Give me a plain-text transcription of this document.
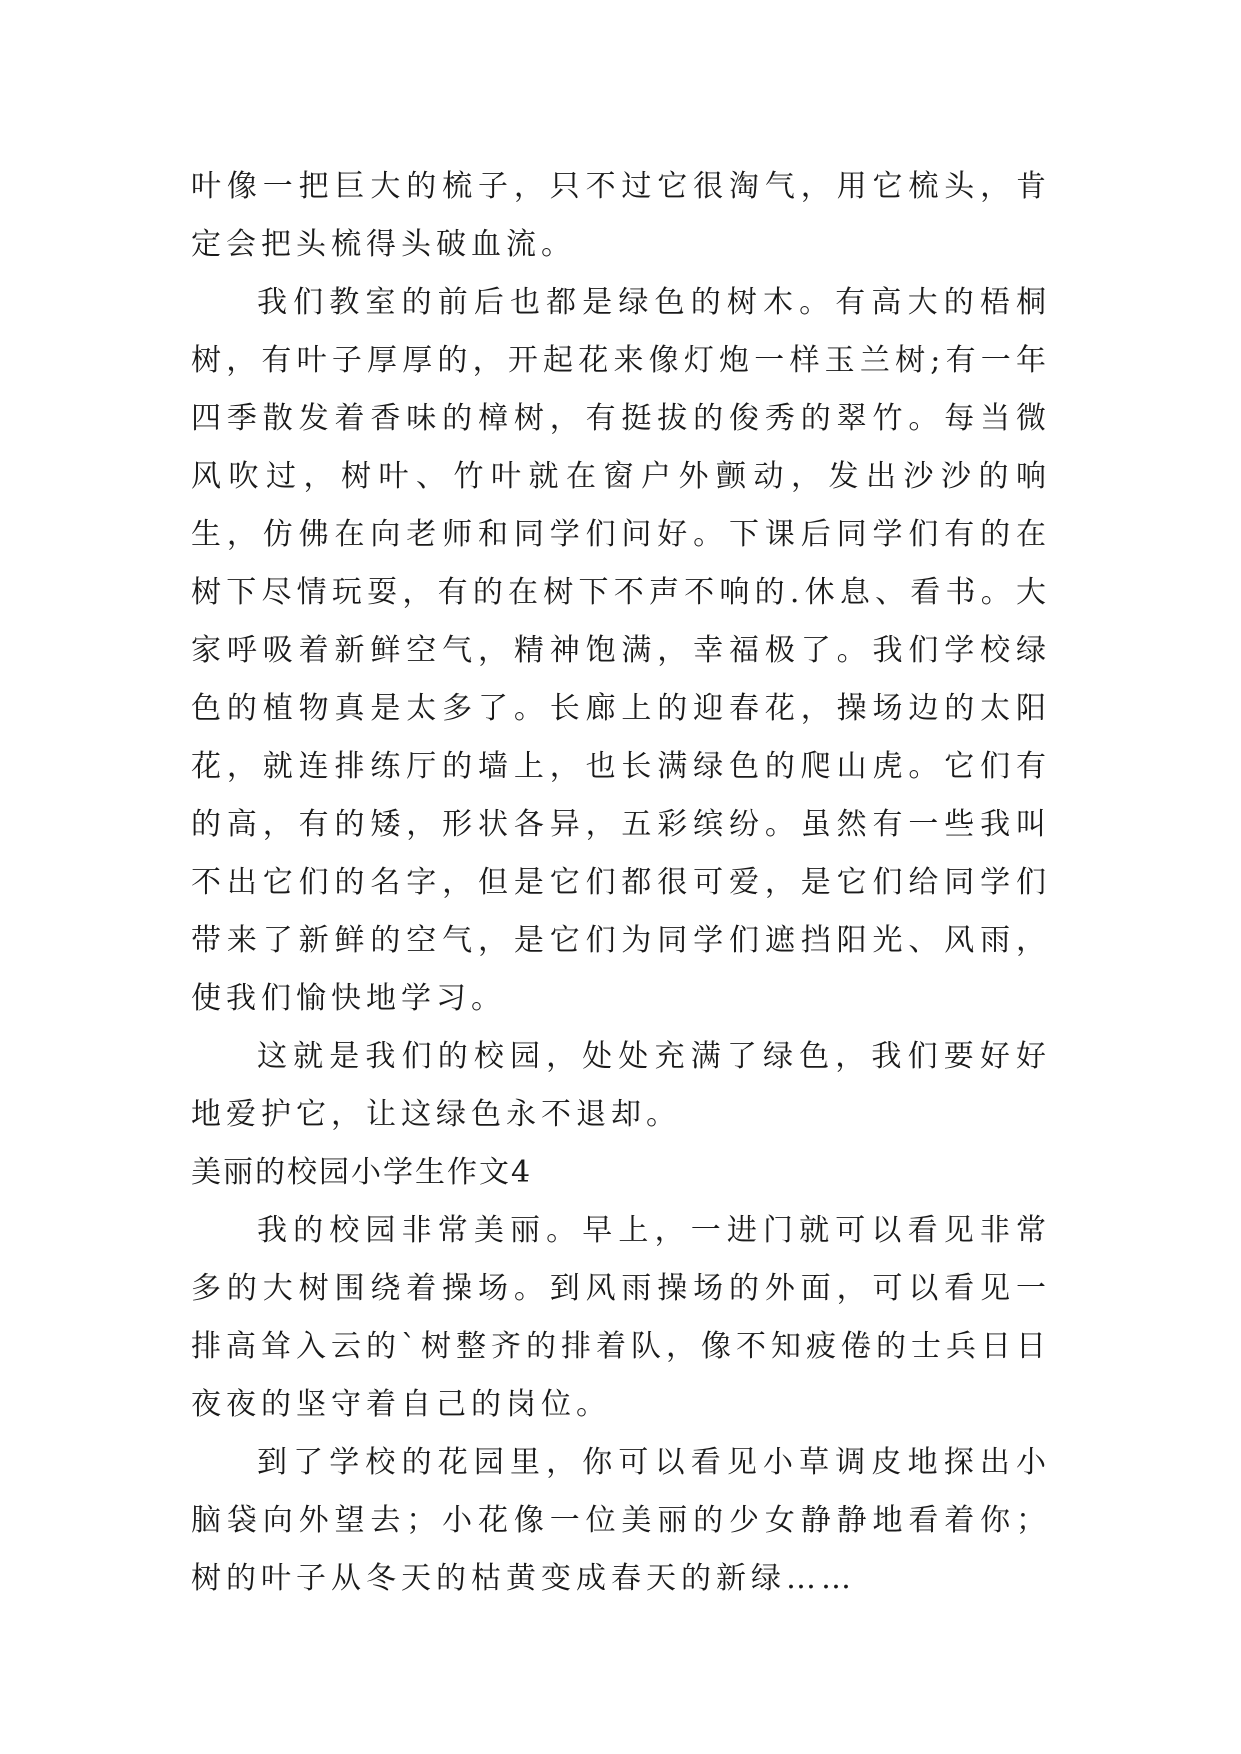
叶像一把巨大的梳子，只不过它很淘气，用它梳头，肯定会把头梳得头破血流。

我们教室的前后也都是绿色的树木。有高大的梧桐树，有叶子厚厚的，开起花来像灯炮一样玉兰树;有一年四季散发着香味的樟树，有挺拔的俊秀的翠竹。每当微风吹过，树叶、竹叶就在窗户外颤动，发出沙沙的响生，仿佛在向老师和同学们问好。下课后同学们有的在树下尽情玩耍，有的在树下不声不响的.休息、看书。大家呼吸着新鲜空气，精神饱满，幸福极了。我们学校绿色的植物真是太多了。长廊上的迎春花，操场边的太阳花，就连排练厅的墙上，也长满绿色的爬山虎。它们有的高，有的矮，形状各异，五彩缤纷。虽然有一些我叫不出它们的名字，但是它们都很可爱，是它们给同学们带来了新鲜的空气，是它们为同学们遮挡阳光、风雨，使我们愉快地学习。

这就是我们的校园，处处充满了绿色，我们要好好地爱护它，让这绿色永不退却。

美丽的校园小学生作文4

我的校园非常美丽。早上，一进门就可以看见非常多的大树围绕着操场。到风雨操场的外面，可以看见一排高耸入云的`树整齐的排着队，像不知疲倦的士兵日日夜夜的坚守着自己的岗位。

到了学校的花园里，你可以看见小草调皮地探出小脑袋向外望去；小花像一位美丽的少女静静地看着你；树的叶子从冬天的枯黄变成春天的新绿……
